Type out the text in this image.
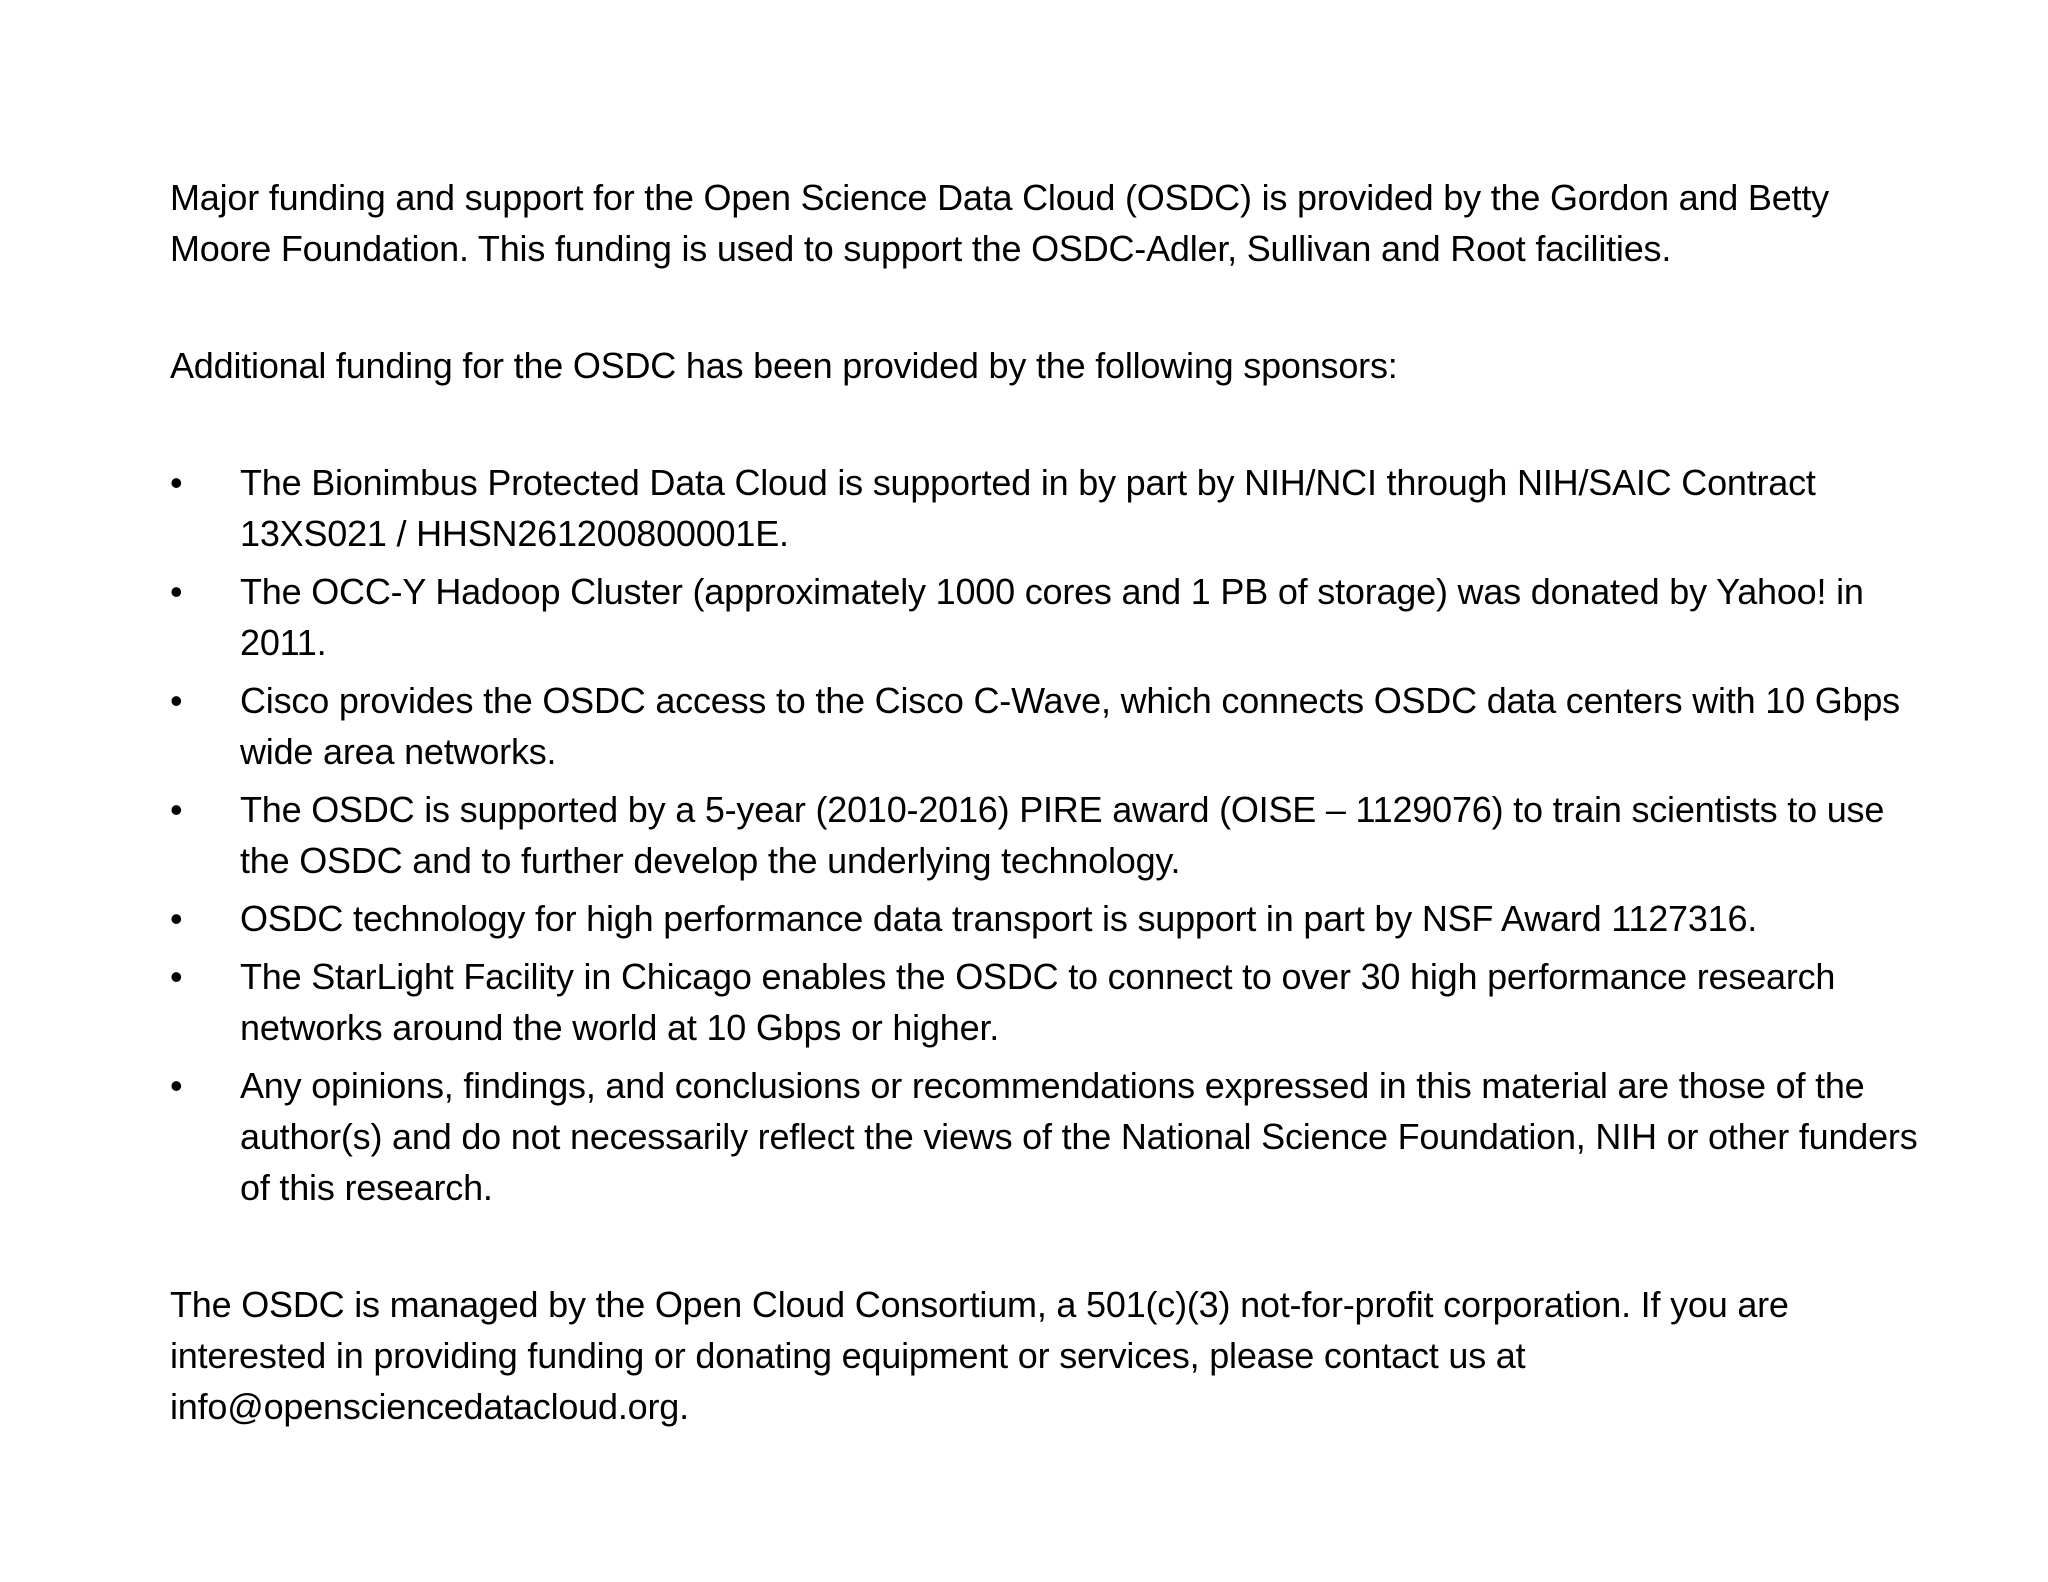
Major funding and support for the Open Science Data Cloud (OSDC) is provided by the Gordon and Betty Moore Foundation. This funding is used to support the OSDC-Adler, Sullivan and Root facilities.

Additional funding for the OSDC has been provided by the following sponsors:

• The Bionimbus Protected Data Cloud is supported in by part by NIH/NCI through NIH/SAIC Contract 13XS021 / HHSN261200800001E.
• The OCC-Y Hadoop Cluster (approximately 1000 cores and 1 PB of storage) was donated by Yahoo! in 2011.
• Cisco provides the OSDC access to the Cisco C-Wave, which connects OSDC data centers with 10 Gbps wide area networks.
• The OSDC is supported by a 5-year (2010-2016) PIRE award (OISE – 1129076) to train scientists to use the OSDC and to further develop the underlying technology.
• OSDC technology for high performance data transport is support in part by NSF Award 1127316.
• The StarLight Facility in Chicago enables the OSDC to connect to over 30 high performance research networks around the world at 10 Gbps or higher.
• Any opinions, findings, and conclusions or recommendations expressed in this material are those of the author(s) and do not necessarily reflect the views of the National Science Foundation, NIH or other funders of this research.

The OSDC is managed by the Open Cloud Consortium, a 501(c)(3) not-for-profit corporation. If you are interested in providing funding or donating equipment or services, please contact us at info@opensciencedatacloud.org.
